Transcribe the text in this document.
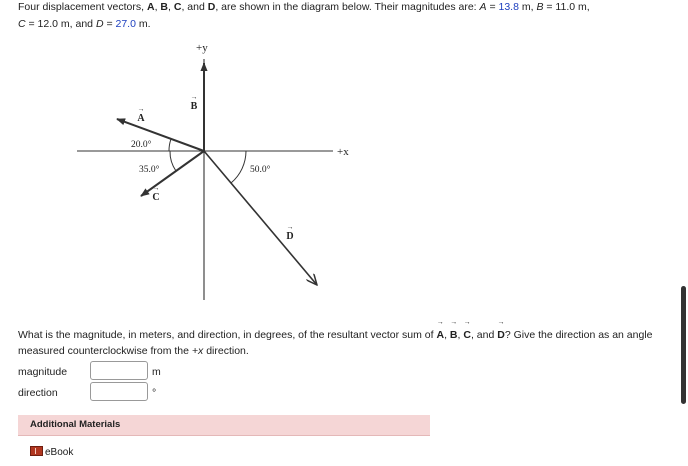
Four displacement vectors, → A, → B, → C, and → D, are shown in the diagram below. Their magnitudes are: A = 13.8 m, B = 11.0 m,
C = 12.0 m, and D = 27.0 m.
+y
+x
20.0°
35.0°	50.0°
A
→	B
→
C
→
D
→
What is the magnitude, in meters, and direction, in degrees, of the resultant vector sum of → A, → B, → C, and → D? Give the direction as an angle measured counterclockwise from the +x direction.
magnitude	m
direction	°
Additional Materials
eBook
